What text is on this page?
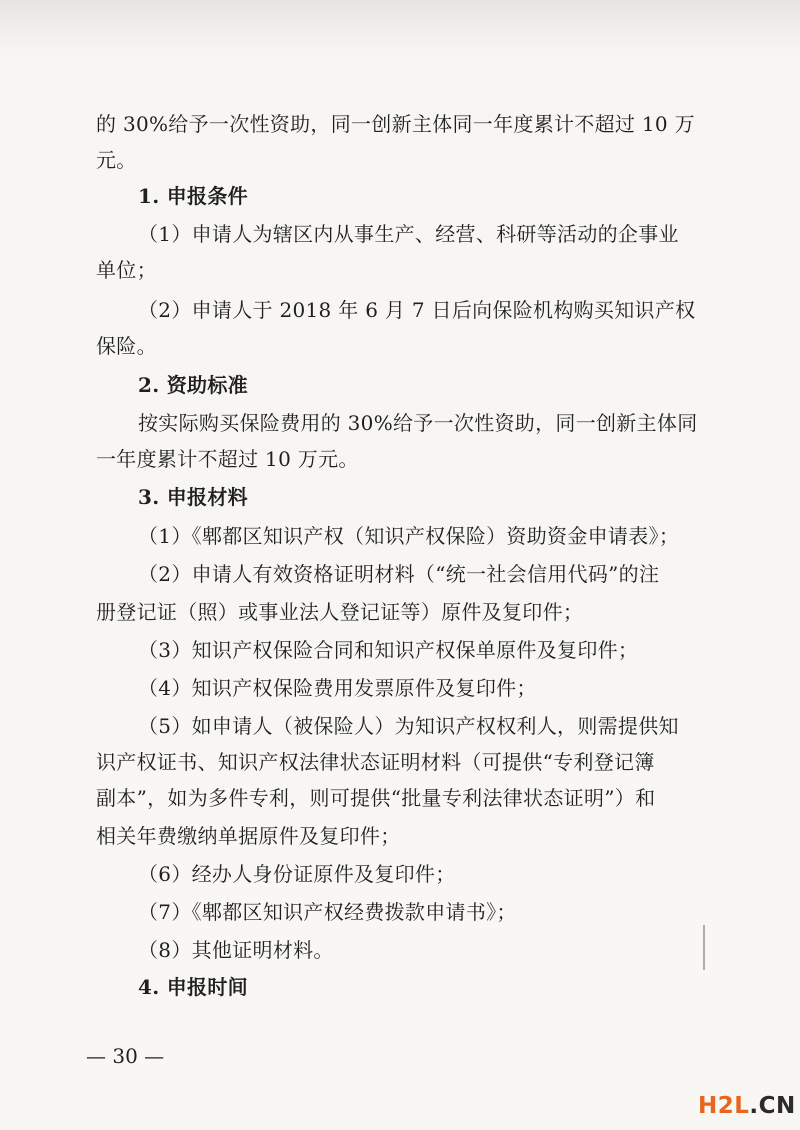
的 30%给予一次性资助，同一创新主体同一年度累计不超过 10 万
元。
1. 申报条件
（1）申请人为辖区内从事生产、经营、科研等活动的企事业
单位；
（2）申请人于 2018 年 6 月 7 日后向保险机构购买知识产权
保险。
2. 资助标准
按实际购买保险费用的 30%给予一次性资助，同一创新主体同
一年度累计不超过 10 万元。
3. 申报材料
（1）《郫都区知识产权（知识产权保险）资助资金申请表》；
（2）申请人有效资格证明材料（“统一社会信用代码”的注
册登记证（照）或事业法人登记证等）原件及复印件；
（3）知识产权保险合同和知识产权保单原件及复印件；
（4）知识产权保险费用发票原件及复印件；
（5）如申请人（被保险人）为知识产权权利人，则需提供知
识产权证书、知识产权法律状态证明材料（可提供“专利登记簿
副本”，如为多件专利，则可提供“批量专利法律状态证明”）和
相关年费缴纳单据原件及复印件；
（6）经办人身份证原件及复印件；
（7）《郫都区知识产权经费拨款申请书》；
（8）其他证明材料。
4. 申报时间
— 30 —
H2L.CN
